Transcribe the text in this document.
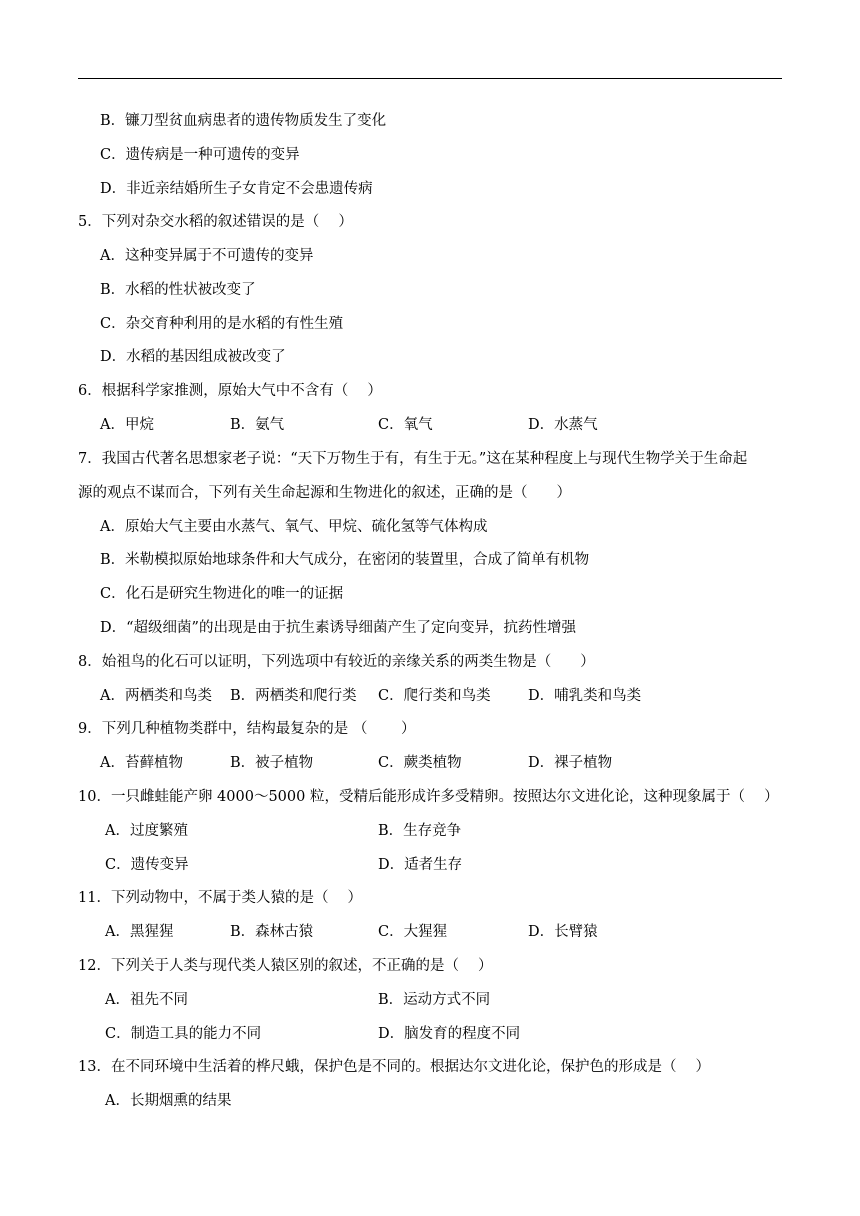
B．镰刀型贫血病患者的遗传物质发生了变化
C．遗传病是一种可遗传的变异
D．非近亲结婚所生子女肯定不会患遗传病
5．下列对杂交水稻的叙述错误的是（　 ）
A．这种变异属于不可遗传的变异
B．水稻的性状被改变了
C．杂交育种利用的是水稻的有性生殖
D．水稻的基因组成被改变了
6．根据科学家推测，原始大气中不含有（　 ）
A．甲烷	B．氨气	C．氧气	D．水蒸气
7．我国古代著名思想家老子说：“天下万物生于有，有生于无。”这在某种程度上与现代生物学关于生命起
源的观点不谋而合，下列有关生命起源和生物进化的叙述，正确的是（　　）
A．原始大气主要由水蒸气、氧气、甲烷、硫化氢等气体构成
B．米勒模拟原始地球条件和大气成分，在密闭的装置里，合成了简单有机物
C．化石是研究生物进化的唯一的证据
D．“超级细菌”的出现是由于抗生素诱导细菌产生了定向变异，抗药性增强
8．始祖鸟的化石可以证明，下列选项中有较近的亲缘关系的两类生物是（　　）
A．两栖类和鸟类 B．两栖类和爬行类 C．爬行类和鸟类	D．哺乳类和鸟类
9．下列几种植物类群中，结构最复杂的是 （　　 ）
A．苔藓植物	B．被子植物	C．蕨类植物	D．裸子植物
10．一只雌蛙能产卵 4000～5000 粒，受精后能形成许多受精卵。按照达尔文进化论，这种现象属于（　 ）
A．过度繁殖	B．生存竞争
C．遗传变异	D．适者生存
11．下列动物中，不属于类人猿的是（　 ）
A．黑猩猩	B．森林古猿	C．大猩猩	D．长臂猿
12．下列关于人类与现代类人猿区别的叙述，不正确的是（　 ）
A．祖先不同	B．运动方式不同
C．制造工具的能力不同	D．脑发育的程度不同
13．在不同环境中生活着的桦尺蛾，保护色是不同的。根据达尔文进化论，保护色的形成是（　 ）
A．长期烟熏的结果
